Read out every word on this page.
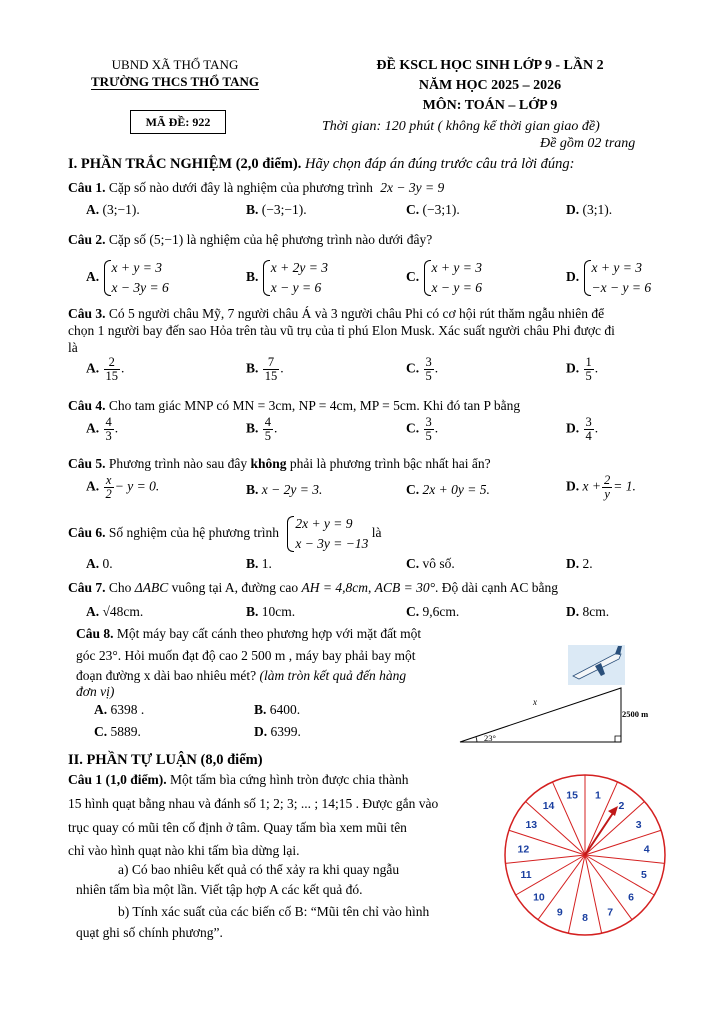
UBND XÃ THỔ TANG
TRƯỜNG THCS THỔ TANG
MÃ ĐỀ: 922
ĐỀ KSCL HỌC SINH LỚP 9 - LẦN 2
NĂM HỌC 2025 – 2026
MÔN: TOÁN – LỚP 9
Thời gian: 120 phút ( không kể thời gian giao đề)
Đề gồm 02 trang
I. PHẦN TRẮC NGHIỆM (2,0 điểm). Hãy chọn đáp án đúng trước câu trả lời đúng:
Câu 1. Cặp số nào dưới đây là nghiệm của phương trình 2x − 3y = 9
A. (3;−1).	B. (−3;−1).	C. (−3;1).	D. (3;1).
Câu 2. Cặp số (5;−1) là nghiệm của hệ phương trình nào dưới đây?
A.
x + y = 3
x − 3y = 6
B.
x + 2y = 3
x − y = 6
C.
x + y = 3
x − y = 6
D.
x + y = 3
−x − y = 6
Câu 3. Có 5 người châu Mỹ, 7 người châu Á và 3 người châu Phi có cơ hội rút thăm ngẫu nhiên để
chọn 1 người bay đến sao Hỏa trên tàu vũ trụ của tỉ phú Elon Musk. Xác suất người châu Phi được đi
là
A. $\frac{2}{15}$ .	B. $\frac{7}{15}$ .	C. $\frac{3}{5}$ .	D. $\frac{1}{5}$ .
Câu 4. Cho tam giác MNP có MN = 3cm, NP = 4cm, MP = 5cm. Khi đó tan P bằng
A. $\frac{4}{3}$ .	B. $\frac{4}{5}$ .	C. $\frac{3}{5}$ .	D. $\frac{3}{4}$ .
Câu 5. Phương trình nào sau đây không phải là phương trình bậc nhất hai ẩn?
A. $\frac{x}{2} - y = 0$.	B. x − 2y = 3.	C. 2x + 0y = 5.	D. $x + \frac{2}{y} = 1$.
Câu 6. Số nghiệm của hệ phương trình
2x + y = 9
x − 3y = −13
là
A. 0.	B. 1.	C. vô số.	D. 2.
Câu 7. Cho ΔABC vuông tại A, đường cao AH = 4,8cm, ACB = 30°. Độ dài cạnh AC bằng
A. √48cm.	B. 10cm.	C. 9,6cm.	D. 8cm.
Câu 8. Một máy bay cất cánh theo phương hợp với mặt đất một
góc 23°. Hỏi muốn đạt độ cao 2 500 m , máy bay phải bay một
đoạn đường x dài bao nhiêu mét? (làm tròn kết quả đến hàng
đơn vị)
A. 6398 .	B. 6400.
C. 5889.	D. 6399.	23°
x
2500 m
II. PHẦN TỰ LUẬN (8,0 điểm)
Câu 1 (1,0 điểm). Một tấm bìa cứng hình tròn được chia thành
15 hình quạt bằng nhau và đánh số 1; 2; 3; ... ; 14;15 . Được gắn vào
trục quay có mũi tên cố định ở tâm. Quay tấm bìa xem mũi tên
chỉ vào hình quạt nào khi tấm bìa dừng lại.
a) Có bao nhiêu kết quả có thể xảy ra khi quay ngẫu
nhiên tấm bìa một lần. Viết tập hợp A các kết quả đó.
b) Tính xác suất của các biến cố B: “Mũi tên chỉ vào hình
quạt ghi số chính phương”.
1
2
3
4
5
6
7
8
9
10
11
12
13
14
15
